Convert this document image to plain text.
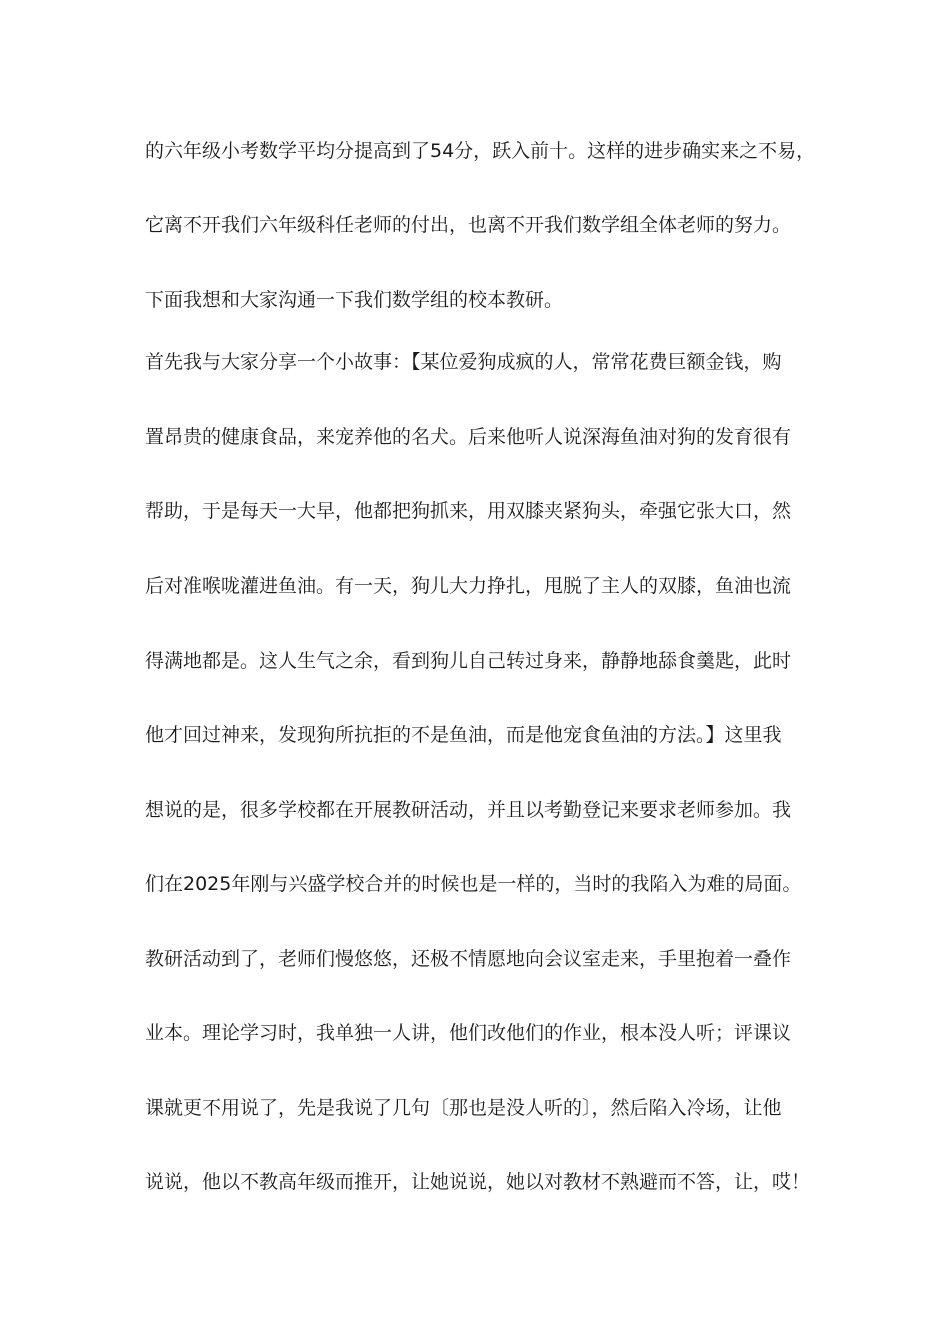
的六年级小考数学平均分提高到了54分，跃入前十。这样的进步确实来之不易，

它离不开我们六年级科任老师的付出，也离不开我们数学组全体老师的努力。

下面我想和大家沟通一下我们数学组的校本教研。

首先我与大家分享一个小故事：【某位爱狗成疯的人，常常花费巨额金钱，购

置昂贵的健康食品，来宠养他的名犬。后来他听人说深海鱼油对狗的发育很有

帮助，于是每天一大早，他都把狗抓来，用双膝夹紧狗头，牵强它张大口，然

后对准喉咙灌进鱼油。有一天，狗儿大力挣扎，甩脱了主人的双膝，鱼油也流

得满地都是。这人生气之余，看到狗儿自己转过身来，静静地舔食羹匙，此时

他才回过神来，发现狗所抗拒的不是鱼油，而是他宠食鱼油的方法。】这里我

想说的是，很多学校都在开展教研活动，并且以考勤登记来要求老师参加。我

们在2025年刚与兴盛学校合并的时候也是一样的，当时的我陷入为难的局面。

教研活动到了，老师们慢悠悠，还极不情愿地向会议室走来，手里抱着一叠作

业本。理论学习时，我单独一人讲，他们改他们的作业，根本没人听；评课议

课就更不用说了，先是我说了几句〔那也是没人听的〕，然后陷入冷场，让他

说说，他以不教高年级而推开，让她说说，她以对教材不熟避而不答，让，哎！
